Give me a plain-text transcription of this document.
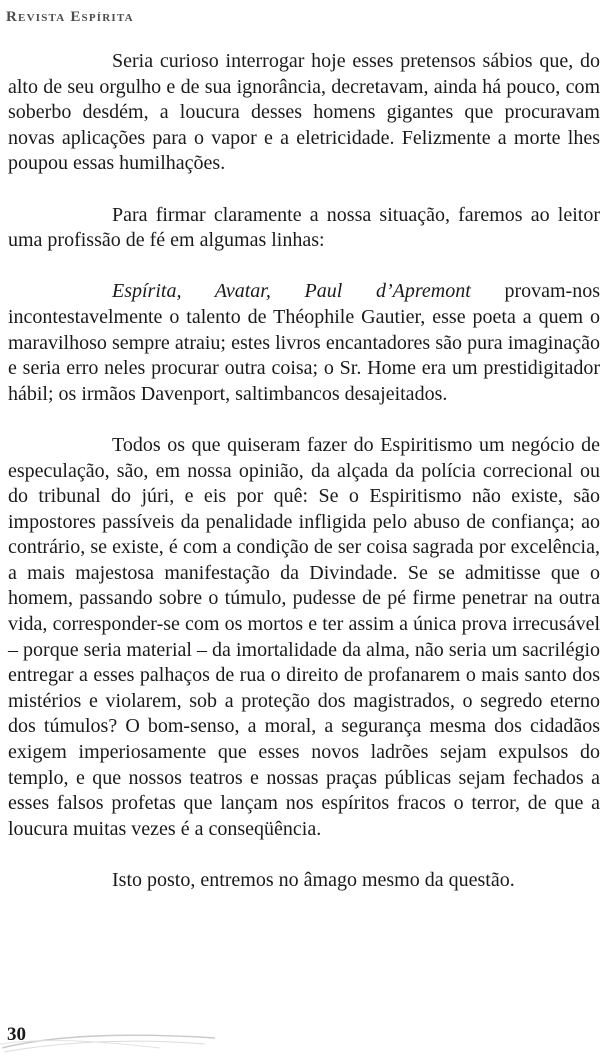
Revista Espírita

Seria curioso interrogar hoje esses pretensos sábios que, do alto de seu orgulho e de sua ignorância, decretavam, ainda há pouco, com soberbo desdém, a loucura desses homens gigantes que procuravam novas aplicações para o vapor e a eletricidade. Felizmente a morte lhes poupou essas humilhações.

Para firmar claramente a nossa situação, faremos ao leitor uma profissão de fé em algumas linhas:

Espírita, Avatar, Paul d’Apremont provam-nos incontestavelmente o talento de Théophile Gautier, esse poeta a quem o maravilhoso sempre atraiu; estes livros encantadores são pura imaginação e seria erro neles procurar outra coisa; o Sr. Home era um prestidigitador hábil; os irmãos Davenport, saltimbancos desajeitados.

Todos os que quiseram fazer do Espiritismo um negócio de especulação, são, em nossa opinião, da alçada da polícia correcional ou do tribunal do júri, e eis por quê: Se o Espiritismo não existe, são impostores passíveis da penalidade infligida pelo abuso de confiança; ao contrário, se existe, é com a condição de ser coisa sagrada por excelência, a mais majestosa manifestação da Divindade. Se se admitisse que o homem, passando sobre o túmulo, pudesse de pé firme penetrar na outra vida, corresponder-se com os mortos e ter assim a única prova irrecusável – porque seria material – da imortalidade da alma, não seria um sacrilégio entregar a esses palhaços de rua o direito de profanarem o mais santo dos mistérios e violarem, sob a proteção dos magistrados, o segredo eterno dos túmulos? O bom-senso, a moral, a segurança mesma dos cidadãos exigem imperiosamente que esses novos ladrões sejam expulsos do templo, e que nossos teatros e nossas praças públicas sejam fechados a esses falsos profetas que lançam nos espíritos fracos o terror, de que a loucura muitas vezes é a conseqüência.

Isto posto, entremos no âmago mesmo da questão.

30
